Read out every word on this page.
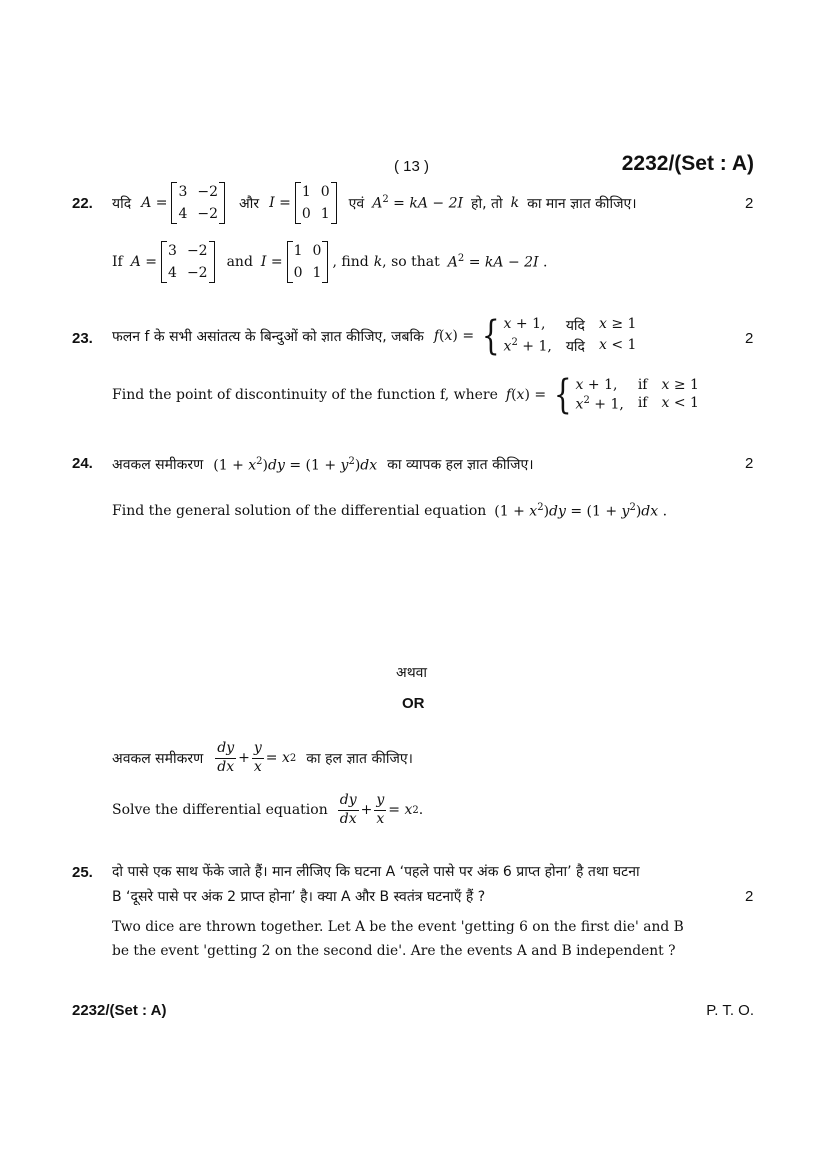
( 13 )	2232/(Set : A)
22. यदि A =
3 −2
4 −2
और I =
1 0
0 1
एवं $A^2$ = kA − 2I हो, तो k का मान ज्ञात कीजिए।	2
If A =
3 −2
4 −2
and I =
1 0
0 1
, find k , so that $A^2$ = kA − 2I .
23. फलन f के सभी असांतत्य के बिन्दुओं को ज्ञात कीजिए, जबकि f(x) = { x + 1,	यदि x ≥ 1
$x^2 + 1$, यदि x < 1	2
Find the point of discontinuity of the function f, where f(x) = { x + 1,	if x ≥ 1
$x^2 + 1$, if x < 1
24. अवकल समीकरण $(1 + x^2)dy = (1 + y^2)dx$ का व्यापक हल ज्ञात कीजिए।	2
Find the general solution of the differential equation $(1 + x^2)dy = (1 + y^2)dx$ .
अथवा
OR
अवकल समीकरण $\frac{dy}{dx} + \frac{y}{x} = x$ 2 का हल ज्ञात कीजिए।
Solve the differential equation $\frac{dy}{dx} + \frac{y}{x} = x$ 2 .
25. दो पासे एक साथ फेंके जाते हैं। मान लीजिए कि घटना A ‘पहले पासे पर अंक 6 प्राप्त होना’ है तथा घटना
B ‘दूसरे पासे पर अंक 2 प्राप्त होना’ है। क्या A और B स्वतंत्र घटनाएँ हैं ?	2
Two dice are thrown together. Let A be the event 'getting 6 on the first die' and B
be the event 'getting 2 on the second die'. Are the events A and B independent ?
2232/(Set : A)	P. T. O.
